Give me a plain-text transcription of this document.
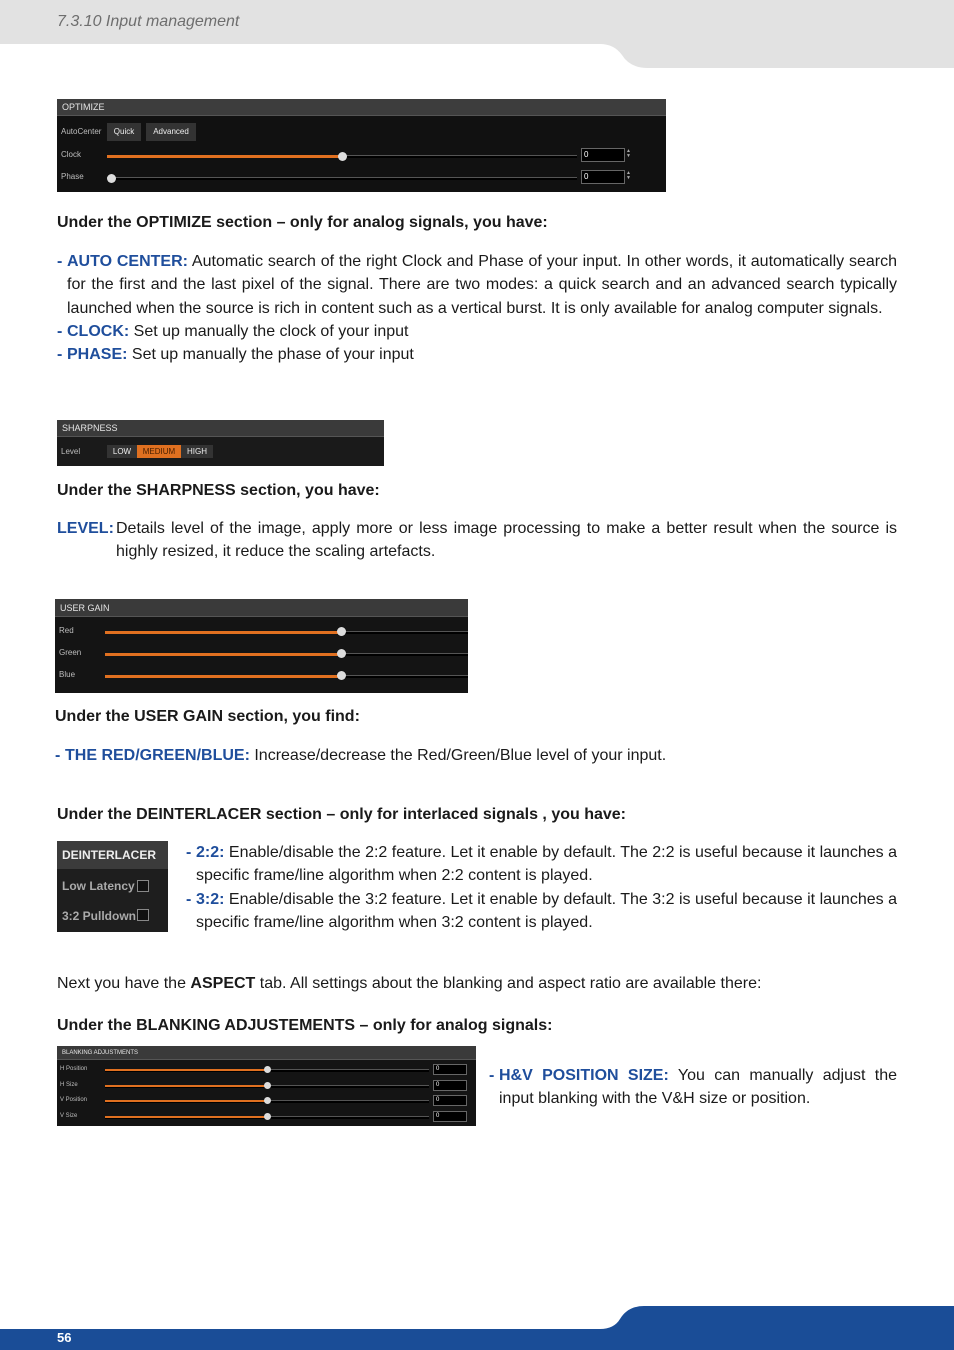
7.3.10 Input management
OPTIMIZE
AutoCenter	Quick	Advanced
Clock	0	▲
▼
Phase	0	▲
▼
Under the OPTIMIZE section – only for analog signals, you have:
- AUTO CENTER: Automatic search of the right Clock and Phase of your input. In other words, it automatically search for the first and the last pixel of the signal. There are two modes: a quick search and an advanced search typically launched when the source is rich in content such as a vertical burst. It is only available for analog computer signals.
- CLOCK: Set up manually the clock of your input
- PHASE: Set up manually the phase of your input
SHARPNESS
Level	LOW	MEDIUM	HIGH
Under the SHARPNESS section, you have:
LEVEL: Details level of the image, apply more or less image processing to make a better result when the source is highly resized, it reduce the scaling artefacts.
USER GAIN
Red
Green
Blue
Under the USER GAIN section, you find:
- THE RED/GREEN/BLUE: Increase/decrease the Red/Green/Blue level of your input.
Under the DEINTERLACER section – only for interlaced signals , you have:
DEINTERLACER
Low Latency
3:2 Pulldown
- 2:2: Enable/disable the 2:2 feature. Let it enable by default. The 2:2 is useful because it launches a specific frame/line algorithm when 2:2 content is played.
- 3:2: Enable/disable the 3:2 feature. Let it enable by default. The 3:2 is useful because it launches a specific frame/line algorithm when 3:2 content is played.
Next you have the ASPECT tab. All settings about the blanking and aspect ratio are available there:
Under the BLANKING ADJUSTEMENTS – only for analog signals:
BLANKING ADJUSTMENTS
H Position	0
H Size	0
V Position	0
V Size	0
- H&V POSITION SIZE: You can manually adjust the input blanking with the V&H size or position.
56
